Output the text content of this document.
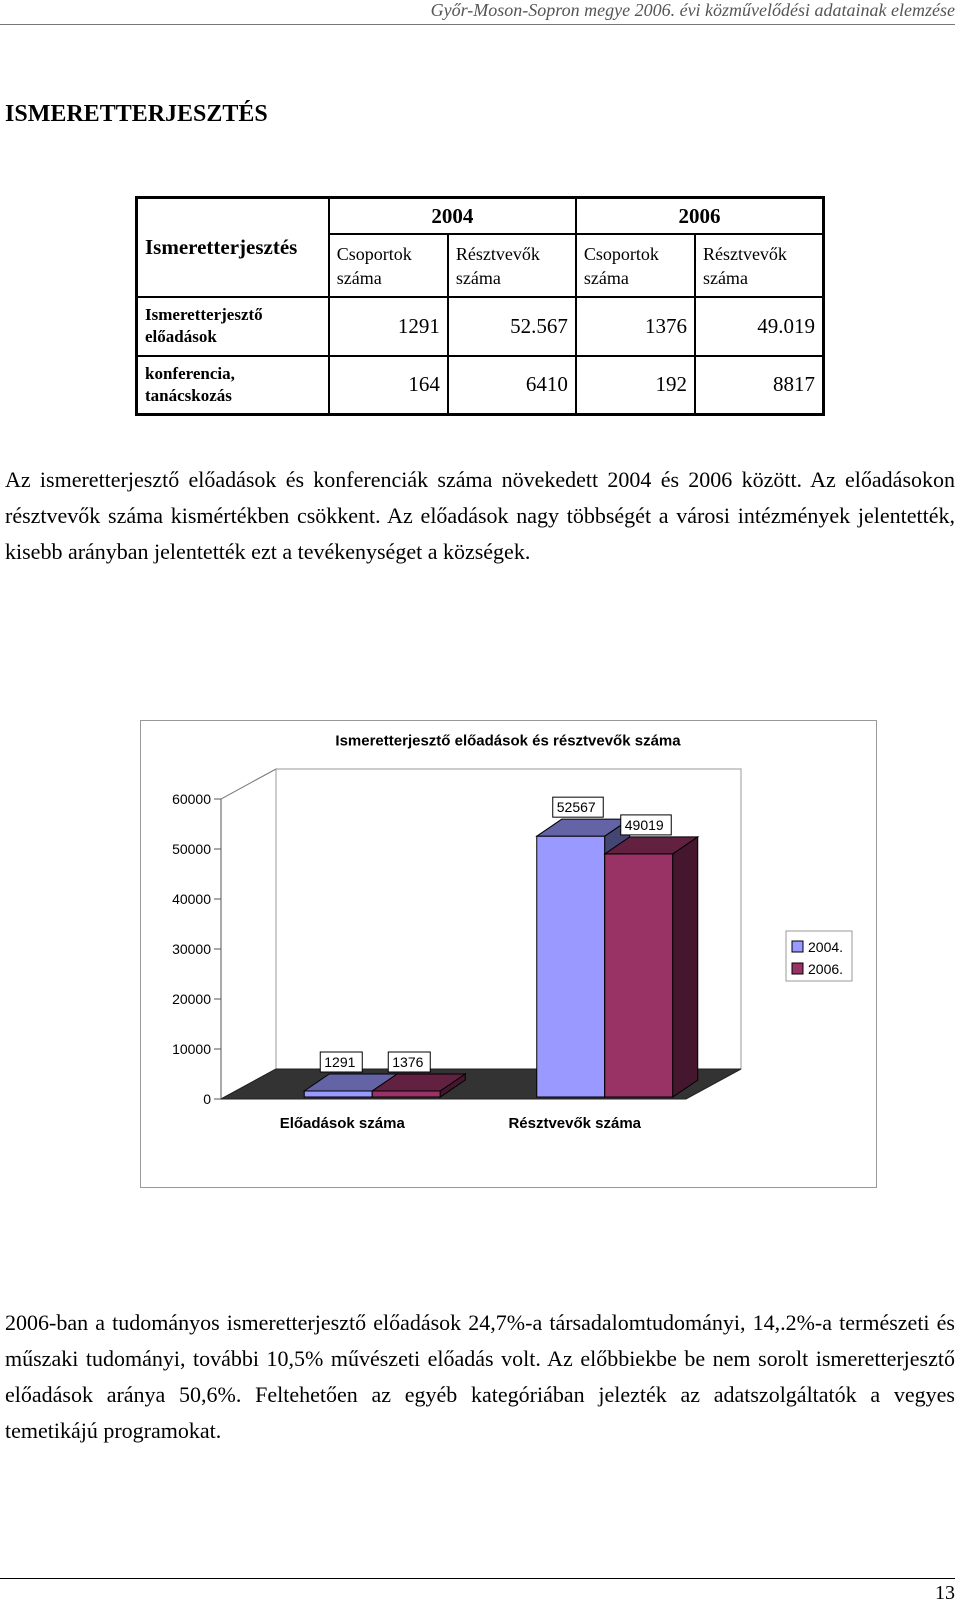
Győr-Moson-Sopron megye 2006. évi közművelődési adatainak elemzése
ISMERETTERJESZTÉS
Ismeretterjesztés	2004		2006	
	Csoportok száma	Résztvevők száma	Csoportok száma	Résztvevők száma
Ismeretterjesztő előadások	1291	52.567	1376	49.019
konferencia, tanácskozás	164	6410	192	8817
Az ismeretterjesztő előadások és konferenciák száma növekedett 2004 és 2006 között. Az előadásokon résztvevők száma kismértékben csökkent. Az előadások nagy többségét a városi intézmények jelentették, kisebb arányban jelentették ezt a tevékenységet a községek.
Ismeretterjesztő előadások és résztvevők száma
0
10000
20000
30000
40000
50000
60000
1291	1376
Előadások száma
52567
49019
Résztvevők száma
2004.
2006.
2006-ban a tudományos ismeretterjesztő előadások 24,7%-a társadalomtudományi, 14,.2%-a természeti és műszaki tudományi, további 10,5% művészeti előadás volt. Az előbbiekbe be nem sorolt ismeretterjesztő előadások aránya 50,6%. Feltehetően az egyéb kategóriában jelezték az adatszolgáltatók a vegyes temetikájú programokat.
13
